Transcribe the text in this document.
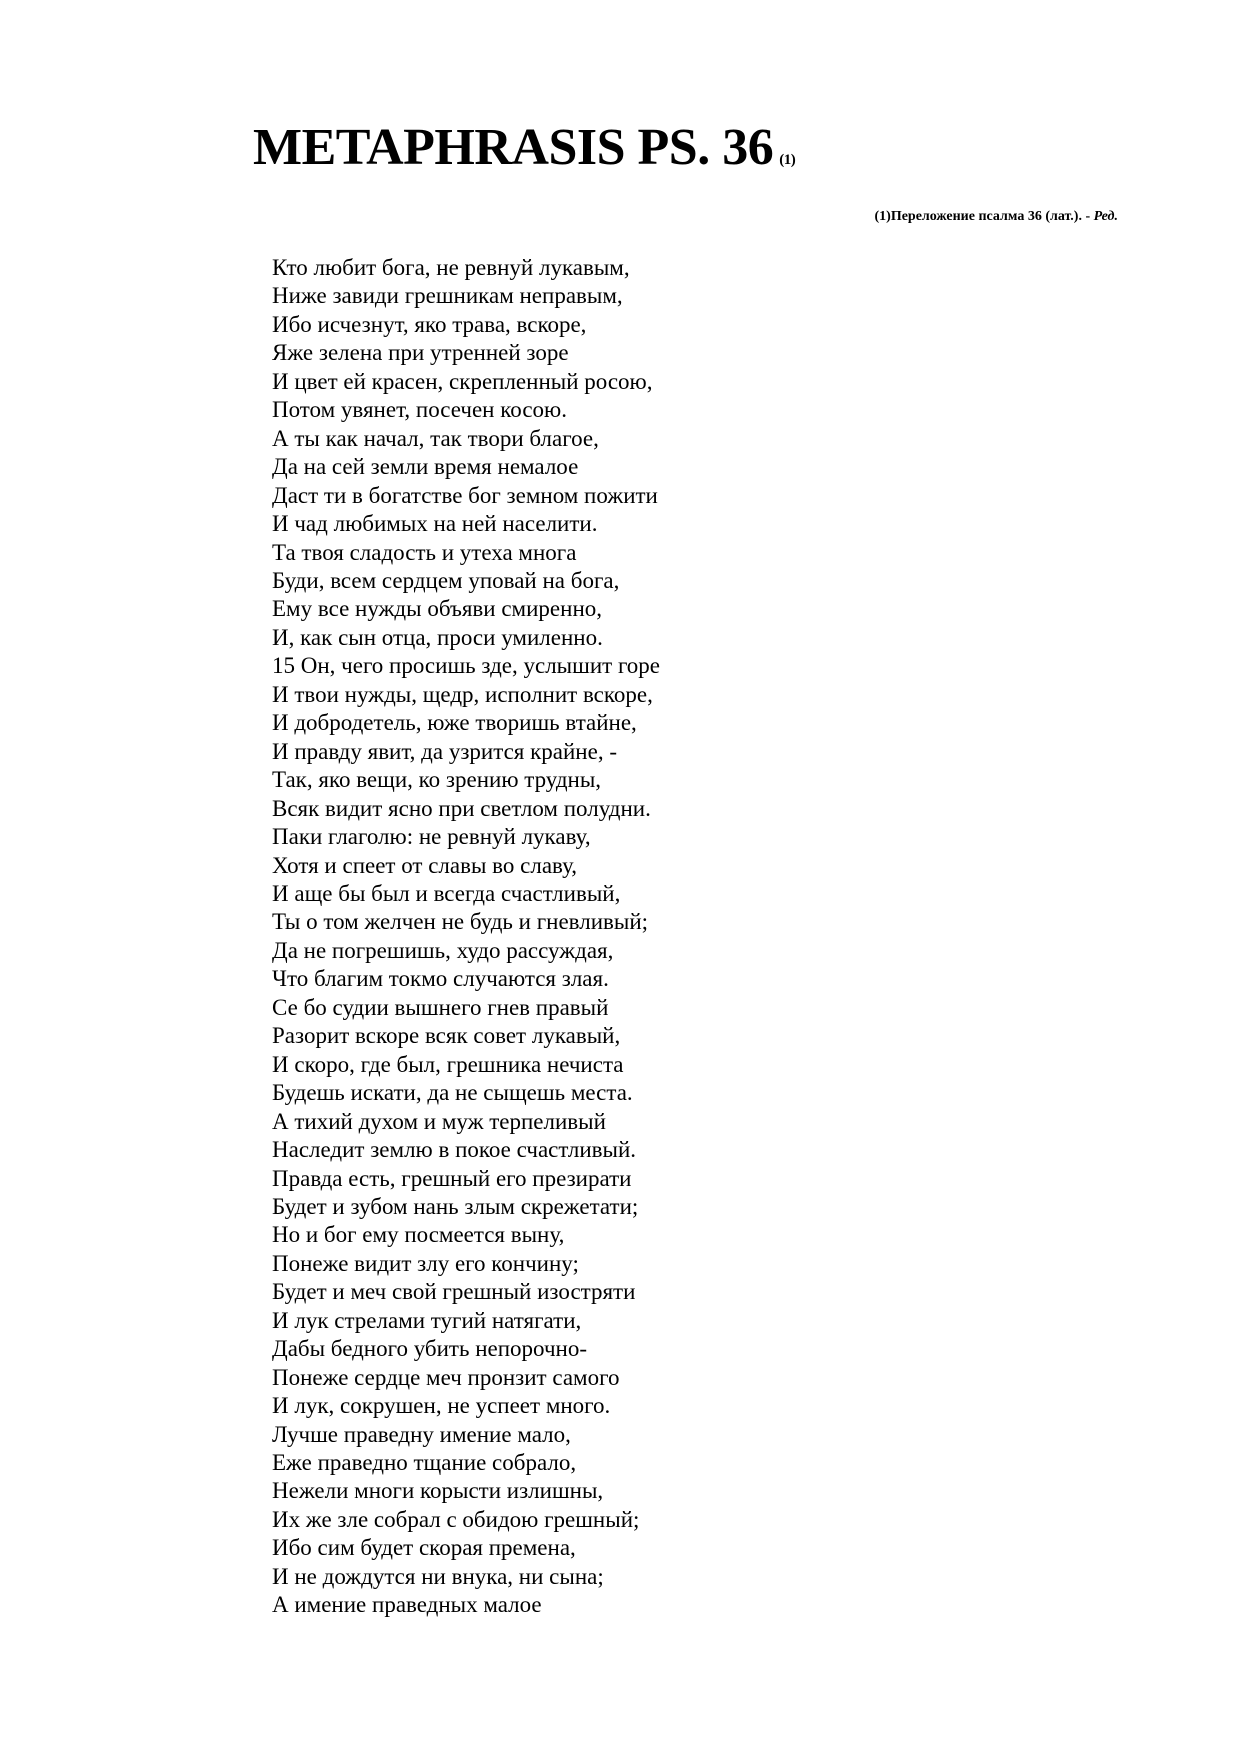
METAPHRASIS PS. 36 (1)
(1)Переложение псалма 36 (лат.). - Ред.
Кто любит бога, не ревнуй лукавым,
Ниже завиди грешникам неправым,
Ибо исчезнут, яко трава, вскоре,
Яже зелена при утренней зоре
И цвет ей красен, скрепленный росою,
Потом увянет, посечен косою.
А ты как начал, так твори благое,
Да на сей земли время немалое
Даст ти в богатстве бог земном пожити
И чад любимых на ней населити.
Та твоя сладость и утеха многа
Буди, всем сердцем уповай на бога,
Ему все нужды объяви смиренно,
И, как сын отца, проси умиленно.
15 Он, чего просишь зде, услышит горе
И твои нужды, щедр, исполнит вскоре,
И добродетель, юже творишь втайне,
И правду явит, да узрится крайне, -
Так, яко вещи, ко зрению трудны,
Всяк видит ясно при светлом полудни.
Паки глаголю: не ревнуй лукаву,
Хотя и спеет от славы во славу,
И аще бы был и всегда счастливый,
Ты о том желчен не будь и гневливый;
Да не погрешишь, худо рассуждая,
Что благим токмо случаются злая.
Се бо судии вышнего гнев правый
Разорит вскоре всяк совет лукавый,
И скоро, где был, грешника нечиста
Будешь искати, да не сыщешь места.
А тихий духом и муж терпеливый
Наследит землю в покое счастливый.
Правда есть, грешный его презирати
Будет и зубом нань злым скрежетати;
Но и бог ему посмеется выну,
Понеже видит злу его кончину;
Будет и меч свой грешный изостряти
И лук стрелами тугий натягати,
Дабы бедного убить непорочно-
Понеже сердце меч пронзит самого
И лук, сокрушен, не успеет много.
Лучше праведну имение мало,
Еже праведно тщание собрало,
Нежели многи корысти излишны,
Их же зле собрал с обидою грешный;
Ибо сим будет скорая премена,
И не дождутся ни внука, ни сына;
А имение праведных малое
